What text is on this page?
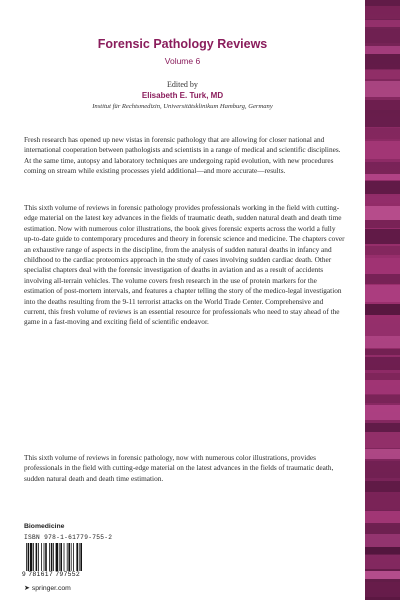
Forensic Pathology Reviews
Volume 6
Edited by
Elisabeth E. Turk, MD
Institut für Rechtsmedizin, Universitätsklinikum Hamburg, Germany

Fresh research has opened up new vistas in forensic pathology that are allowing for closer national and international cooperation between pathologists and scientists in a range of medical and scientific disciplines. At the same time, autopsy and laboratory techniques are undergoing rapid evolution, with new procedures coming on stream while existing processes yield additional—and more accurate—results.

This sixth volume of reviews in forensic pathology provides professionals working in the field with cutting-edge material on the latest key advances in the fields of traumatic death, sudden natural death and death time estimation. Now with numerous color illustrations, the book gives forensic experts across the world a fully up-to-date guide to contemporary procedures and theory in forensic science and medicine. The chapters cover an exhaustive range of aspects in the discipline, from the analysis of sudden natural deaths in infancy and childhood to the cardiac proteomics approach in the study of cases involving sudden cardiac death. Other specialist chapters deal with the forensic investigation of deaths in aviation and as a result of accidents involving all-terrain vehicles. The volume covers fresh research in the use of protein markers for the estimation of post-mortem intervals, and features a chapter telling the story of the medico-legal investigation into the deaths resulting from the 9-11 terrorist attacks on the World Trade Center. Comprehensive and current, this fresh volume of reviews is an essential resource for professionals who need to stay ahead of the game in a fast-moving and exciting field of scientific endeavor.

This sixth volume of reviews in forensic pathology, now with numerous color illustrations, provides professionals in the field with cutting-edge material on the latest advances in the fields of traumatic death, sudden natural death and death time estimation.

Biomedicine
ISBN 978-1-61779-755-2
9 781617 797552
➤ springer.com
